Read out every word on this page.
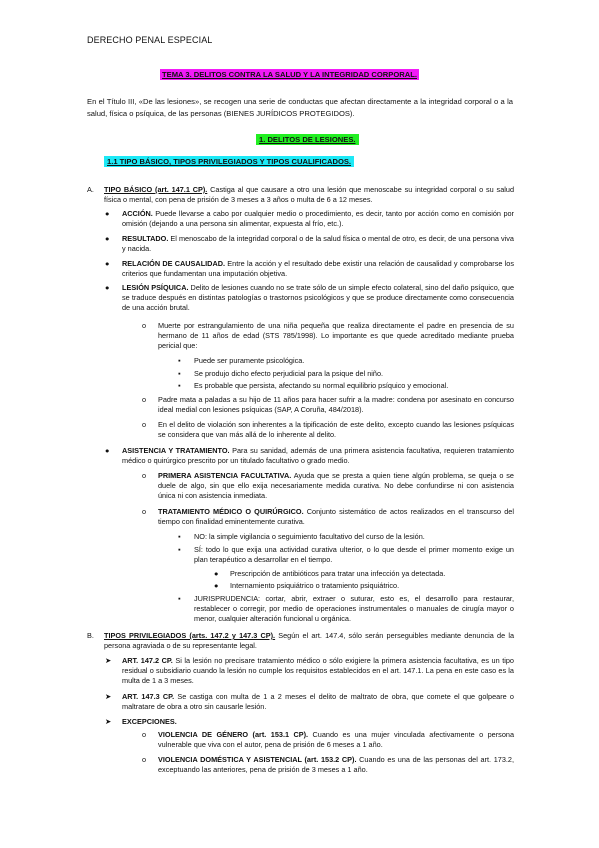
DERECHO PENAL ESPECIAL
TEMA 3. DELITOS CONTRA LA SALUD Y LA INTEGRIDAD CORPORAL.
En el Título III, «De las lesiones», se recogen una serie de conductas que afectan directamente a la integridad corporal o a la salud, física o psíquica, de las personas (BIENES JURÍDICOS PROTEGIDOS).
1. DELITOS DE LESIONES.
1.1 TIPO BÁSICO, TIPOS PRIVILEGIADOS Y TIPOS CUALIFICADOS.
A. TIPO BÁSICO (art. 147.1 CP). Castiga al que causare a otro una lesión que menoscabe su integridad corporal o su salud física o mental, con pena de prisión de 3 meses a 3 años o multa de 6 a 12 meses.
● ACCIÓN. Puede llevarse a cabo por cualquier medio o procedimiento, es decir, tanto por acción como en comisión por omisión (dejando a una persona sin alimentar, expuesta al frío, etc.).
● RESULTADO. El menoscabo de la integridad corporal o de la salud física o mental de otro, es decir, de una persona viva y nacida.
● RELACIÓN DE CAUSALIDAD. Entre la acción y el resultado debe existir una relación de causalidad y comprobarse los criterios que fundamentan una imputación objetiva.
● LESIÓN PSÍQUICA. Delito de lesiones cuando no se trate sólo de un simple efecto colateral, sino del daño psíquico, que se traduce después en distintas patologías o trastornos psicológicos y que se produce directamente como consecuencia de una acción brutal.
o Muerte por estrangulamiento de una niña pequeña que realiza directamente el padre en presencia de su hermano de 11 años de edad (STS 785/1998). Lo importante es que quede acreditado mediante prueba pericial que:
▪ Puede ser puramente psicológica.
▪ Se produjo dicho efecto perjudicial para la psique del niño.
▪ Es probable que persista, afectando su normal equilibrio psíquico y emocional.
o Padre mata a paladas a su hijo de 11 años para hacer sufrir a la madre: condena por asesinato en concurso ideal medial con lesiones psíquicas (SAP, A Coruña, 484/2018).
o En el delito de violación son inherentes a la tipificación de este delito, excepto cuando las lesiones psíquicas se considera que van más allá de lo inherente al delito.
● ASISTENCIA Y TRATAMIENTO. Para su sanidad, además de una primera asistencia facultativa, requieren tratamiento médico o quirúrgico prescrito por un titulado facultativo o grado medio.
o PRIMERA ASISTENCIA FACULTATIVA. Ayuda que se presta a quien tiene algún problema, se queja o se duele de algo, sin que ello exija necesariamente medida curativa. No debe confundirse ni con asistencia única ni con asistencia inmediata.
o TRATAMIENTO MÉDICO O QUIRÚRGICO. Conjunto sistemático de actos realizados en el transcurso del tiempo con finalidad eminentemente curativa.
▪ NO: la simple vigilancia o seguimiento facultativo del curso de la lesión.
▪ SÍ: todo lo que exija una actividad curativa ulterior, o lo que desde el primer momento exige un plan terapéutico a desarrollar en el tiempo.
● Prescripción de antibióticos para tratar una infección ya detectada.
● Internamiento psiquiátrico o tratamiento psiquiátrico.
▪ JURISPRUDENCIA: cortar, abrir, extraer o suturar, esto es, el desarrollo para restaurar, restablecer o corregir, por medio de operaciones instrumentales o manuales de cirugía mayor o menor, cualquier alteración funcional u orgánica.
B. TIPOS PRIVILEGIADOS (arts. 147.2 y 147.3 CP). Según el art. 147.4, sólo serán perseguibles mediante denuncia de la persona agraviada o de su representante legal.
➤ ART. 147.2 CP. Si la lesión no precisare tratamiento médico o sólo exigiere la primera asistencia facultativa, es un tipo residual o subsidiario cuando la lesión no cumple los requisitos establecidos en el art. 147.1. La pena en este caso es la multa de 1 a 3 meses.
➤ ART. 147.3 CP. Se castiga con multa de 1 a 2 meses el delito de maltrato de obra, que comete el que golpeare o maltratare de obra a otro sin causarle lesión.
➤ EXCEPCIONES.
o VIOLENCIA DE GÉNERO (art. 153.1 CP). Cuando es una mujer vinculada afectivamente o persona vulnerable que viva con el autor, pena de prisión de 6 meses a 1 año.
o VIOLENCIA DOMÉSTICA Y ASISTENCIAL (art. 153.2 CP). Cuando es una de las personas del art. 173.2, exceptuando las anteriores, pena de prisión de 3 meses a 1 año.
